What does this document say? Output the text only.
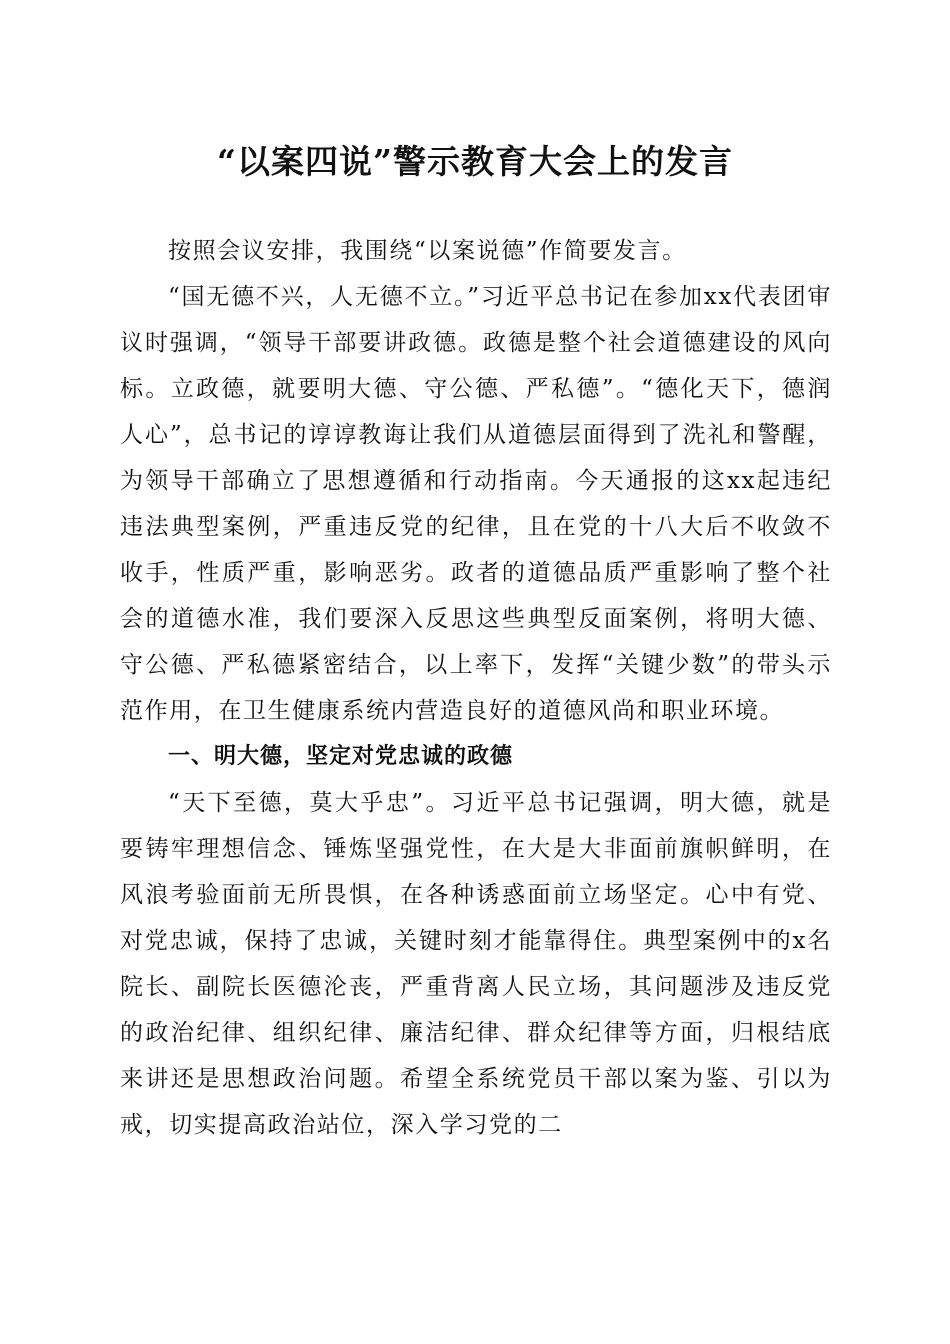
“以案四说”警示教育大会上的发言

按照会议安排，我围绕“以案说德”作简要发言。

“国无德不兴，人无德不立。”习近平总书记在参加xx代表团审议时强调，“领导干部要讲政德。政德是整个社会道德建设的风向标。立政德，就要明大德、守公德、严私德”。“德化天下，德润人心”，总书记的谆谆教诲让我们从道德层面得到了洗礼和警醒，为领导干部确立了思想遵循和行动指南。今天通报的这xx起违纪违法典型案例，严重违反党的纪律，且在党的十八大后不收敛不收手，性质严重，影响恶劣。政者的道德品质严重影响了整个社会的道德水准，我们要深入反思这些典型反面案例，将明大德、守公德、严私德紧密结合，以上率下，发挥“关键少数”的带头示范作用，在卫生健康系统内营造良好的道德风尚和职业环境。

一、明大德，坚定对党忠诚的政德

“天下至德，莫大乎忠”。习近平总书记强调，明大德，就是要铸牢理想信念、锤炼坚强党性，在大是大非面前旗帜鲜明，在风浪考验面前无所畏惧，在各种诱惑面前立场坚定。心中有党、对党忠诚，保持了忠诚，关键时刻才能靠得住。典型案例中的x名院长、副院长医德沦丧，严重背离人民立场，其问题涉及违反党的政治纪律、组织纪律、廉洁纪律、群众纪律等方面，归根结底来讲还是思想政治问题。希望全系统党员干部以案为鉴、引以为戒，切实提高政治站位，深入学习党的二
